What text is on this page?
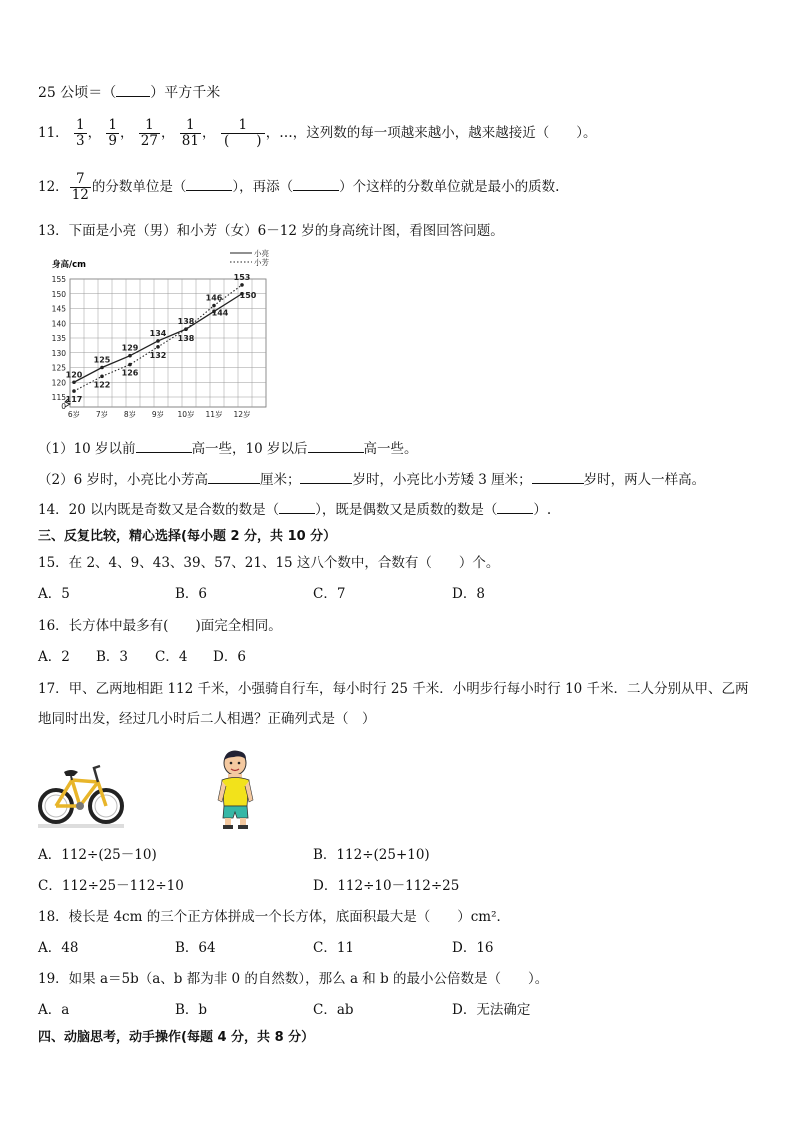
25 公顷＝（ ）平方千米
11． $\frac{1}{3}$ ， $\frac{1}{9}$ ， $\frac{1}{27}$ ， $\frac{1}{81}$ ， $\frac{1}{( )}$ ，…，这列数的每一项越来越小，越来越接近（　　）。
12． $\frac{7}{12}$ 的分数单位是（	），再添（	）个这样的分数单位就是最小的质数.
13．下面是小亮（男）和小芳（女）6－12 岁的身高统计图，看图回答问题。
0
115
120
125
130
135
140
145
150
155
6岁 7岁 8岁 9岁 10岁 11岁 12岁
120
125
129
134
138
144
150
117
122
126
132
138
146
153
身高/cm
小亮
小芳
（1）10 岁以前	高一些，10 岁以后	高一些。
（2）6 岁时，小亮比小芳高	厘米；	岁时，小亮比小芳矮 3 厘米；	岁时，两人一样高。
14．20 以内既是奇数又是合数的数是（	），既是偶数又是质数的数是（	）.
三、反复比较，精心选择(每小题 2 分，共 10 分）
15．在 2、4、9、43、39、57、21、15 这八个数中，合数有（　　）个。
A．5	B．6	C．7	D．8
16．长方体中最多有(　　)面完全相同。
A．2 B．3 C．4 D．6
17．甲、乙两地相距 112 千米，小强骑自行车，每小时行 25 千米．小明步行每小时行 10 千米．二人分别从甲、乙两
地同时出发，经过几小时后二人相遇？正确列式是（　）
A．112÷(25－10)	B．112÷(25+10)
C．112÷25－112÷10	D．112÷10－112÷25
18．棱长是 4cm 的三个正方体拼成一个长方体，底面积最大是（　　）cm²．
A．48	B．64	C．11	D．16
19．如果 a＝5b（a、b 都为非 0 的自然数），那么 a 和 b 的最小公倍数是（　　）。
A．a	B．b	C．ab	D．无法确定
四、动脑思考，动手操作(每题 4 分，共 8 分）
